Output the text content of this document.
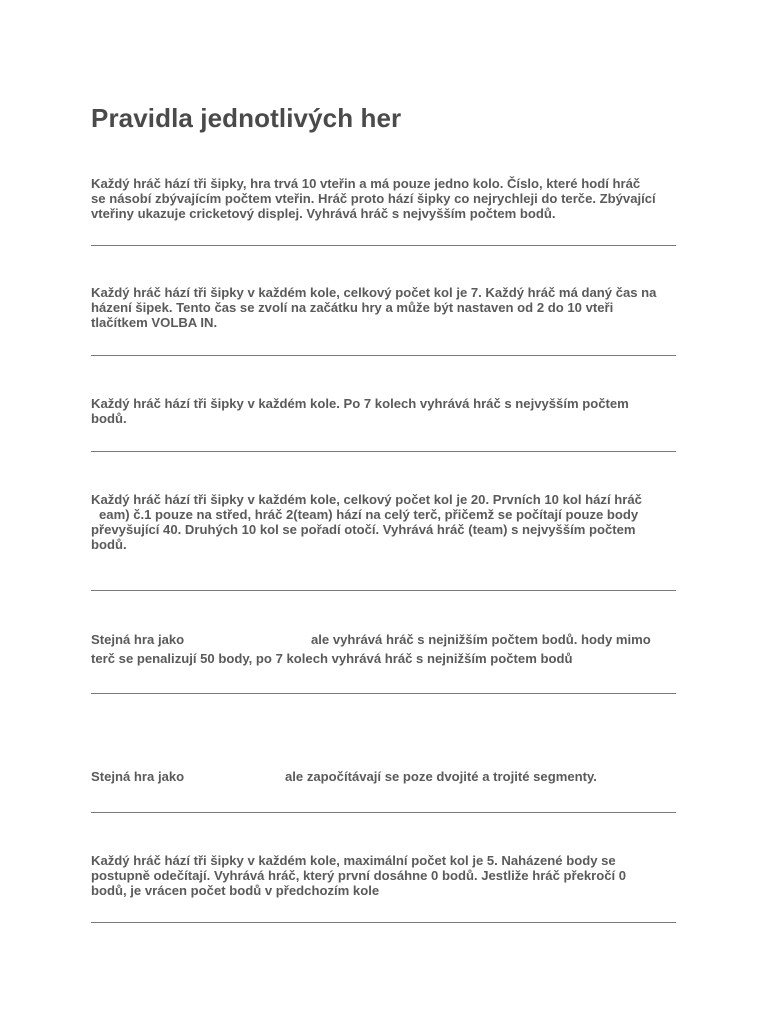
Pravidla jednotlivých her

Každý hráč hází tři šipky, hra trvá 10 vteřin a má pouze jedno kolo. Číslo, které hodí hráč
se násobí zbývajícím počtem vteřin. Hráč proto hází šipky co nejrychleji do terče. Zbývající
vteřiny ukazuje cricketový displej. Vyhrává hráč s nejvyšším počtem bodů.

Každý hráč hází tři šipky v každém kole, celkový počet kol je 7. Každý hráč má daný čas na
házení šipek. Tento čas se zvolí na začátku hry a může být nastaven od 2 do 10 vteři
tlačítkem VOLBA IN.

Každý hráč hází tři šipky v každém kole. Po 7 kolech vyhrává hráč s nejvyšším počtem
bodů.

Každý hráč hází tři šipky v každém kole, celkový počet kol je 20. Prvních 10 kol hází hráč
eam) č.1 pouze na střed, hráč 2(team) hází na celý terč, přičemž se počítají pouze body
převyšující 40. Druhých 10 kol se pořadí otočí. Vyhrává hráč (team) s nejvyšším počtem
bodů.

Stejná hra jako	ale vyhrává hráč s nejnižším počtem bodů. hody mimo
terč se penalizují 50 body, po 7 kolech vyhrává hráč s nejnižším počtem bodů
Stejná hra jako	ale započítávají se poze dvojité a trojité segmenty.

Každý hráč hází tři šipky v každém kole, maximální počet kol je 5. Naházené body se
postupně odečítají. Vyhrává hráč, který první dosáhne 0 bodů. Jestliže hráč překročí 0
bodů, je vrácen počet bodů v předchozím kole
